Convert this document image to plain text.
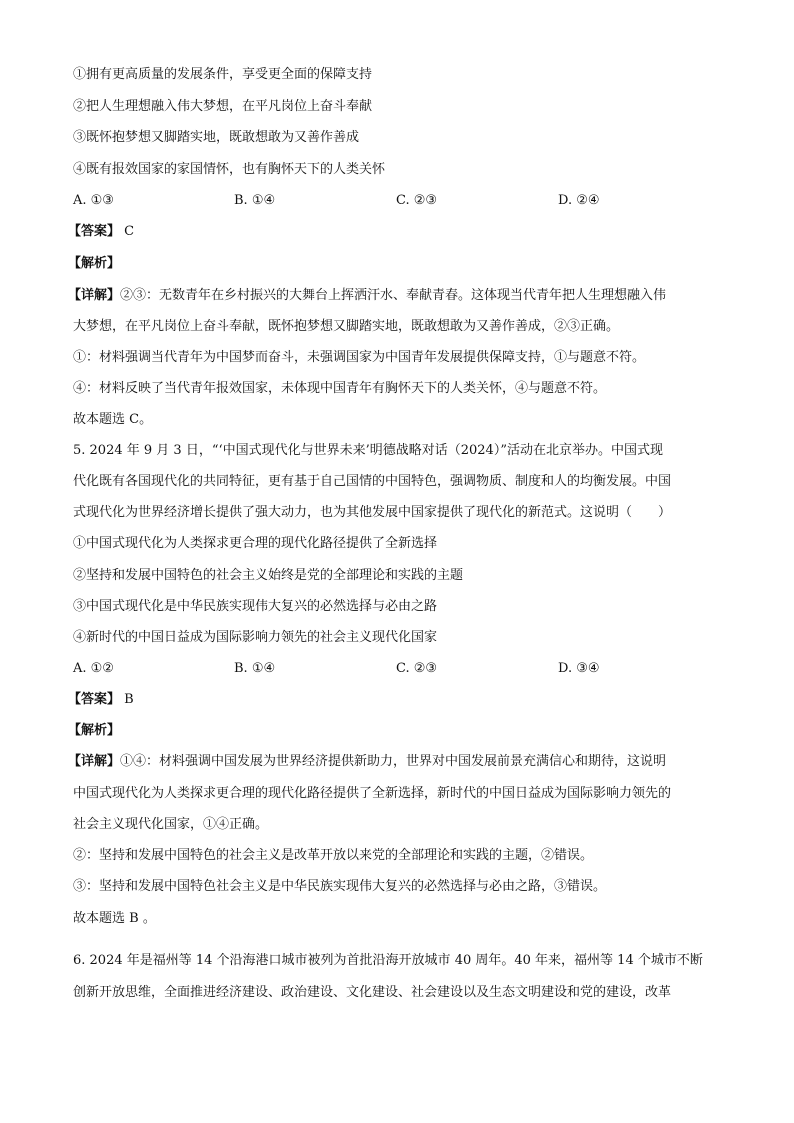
①拥有更高质量的发展条件，享受更全面的保障支持
②把人生理想融入伟大梦想，在平凡岗位上奋斗奉献
③既怀抱梦想又脚踏实地，既敢想敢为又善作善成
④既有报效国家的家国情怀，也有胸怀天下的人类关怀
A. ①③	B. ①④	C. ②③	D. ②④
【答案】 C
【解析】
【详解】②③：无数青年在乡村振兴的大舞台上挥洒汗水、奉献青春。这体现当代青年把人生理想融入伟
大梦想，在平凡岗位上奋斗奉献，既怀抱梦想又脚踏实地，既敢想敢为又善作善成，②③正确。
①：材料强调当代青年为中国梦而奋斗，未强调国家为中国青年发展提供保障支持，①与题意不符。
④：材料反映了当代青年报效国家，未体现中国青年有胸怀天下的人类关怀，④与题意不符。
故本题选 C。
5. 2024 年 9 月 3 日，“‘中国式现代化与世界未来’明德战略对话（2024）”活动在北京举办。中国式现
代化既有各国现代化的共同特征，更有基于自己国情的中国特色，强调物质、制度和人的均衡发展。中国
式现代化为世界经济增长提供了强大动力，也为其他发展中国家提供了现代化的新范式。这说明（　　）
①中国式现代化为人类探求更合理的现代化路径提供了全新选择
②坚持和发展中国特色的社会主义始终是党的全部理论和实践的主题
③中国式现代化是中华民族实现伟大复兴的必然选择与必由之路
④新时代的中国日益成为国际影响力领先的社会主义现代化国家
A. ①②	B. ①④	C. ②③	D. ③④
【答案】 B
【解析】
【详解】①④：材料强调中国发展为世界经济提供新助力，世界对中国发展前景充满信心和期待，这说明
中国式现代化为人类探求更合理的现代化路径提供了全新选择，新时代的中国日益成为国际影响力领先的
社会主义现代化国家，①④正确。
②：坚持和发展中国特色的社会主义是改革开放以来党的全部理论和实践的主题，②错误。
③：坚持和发展中国特色社会主义是中华民族实现伟大复兴的必然选择与必由之路，③错误。
故本题选 B 。
6. 2024 年是福州等 14 个沿海港口城市被列为首批沿海开放城市 40 周年。40 年来，福州等 14 个城市不断
创新开放思维，全面推进经济建设、政治建设、文化建设、社会建设以及生态文明建设和党的建设，改革
